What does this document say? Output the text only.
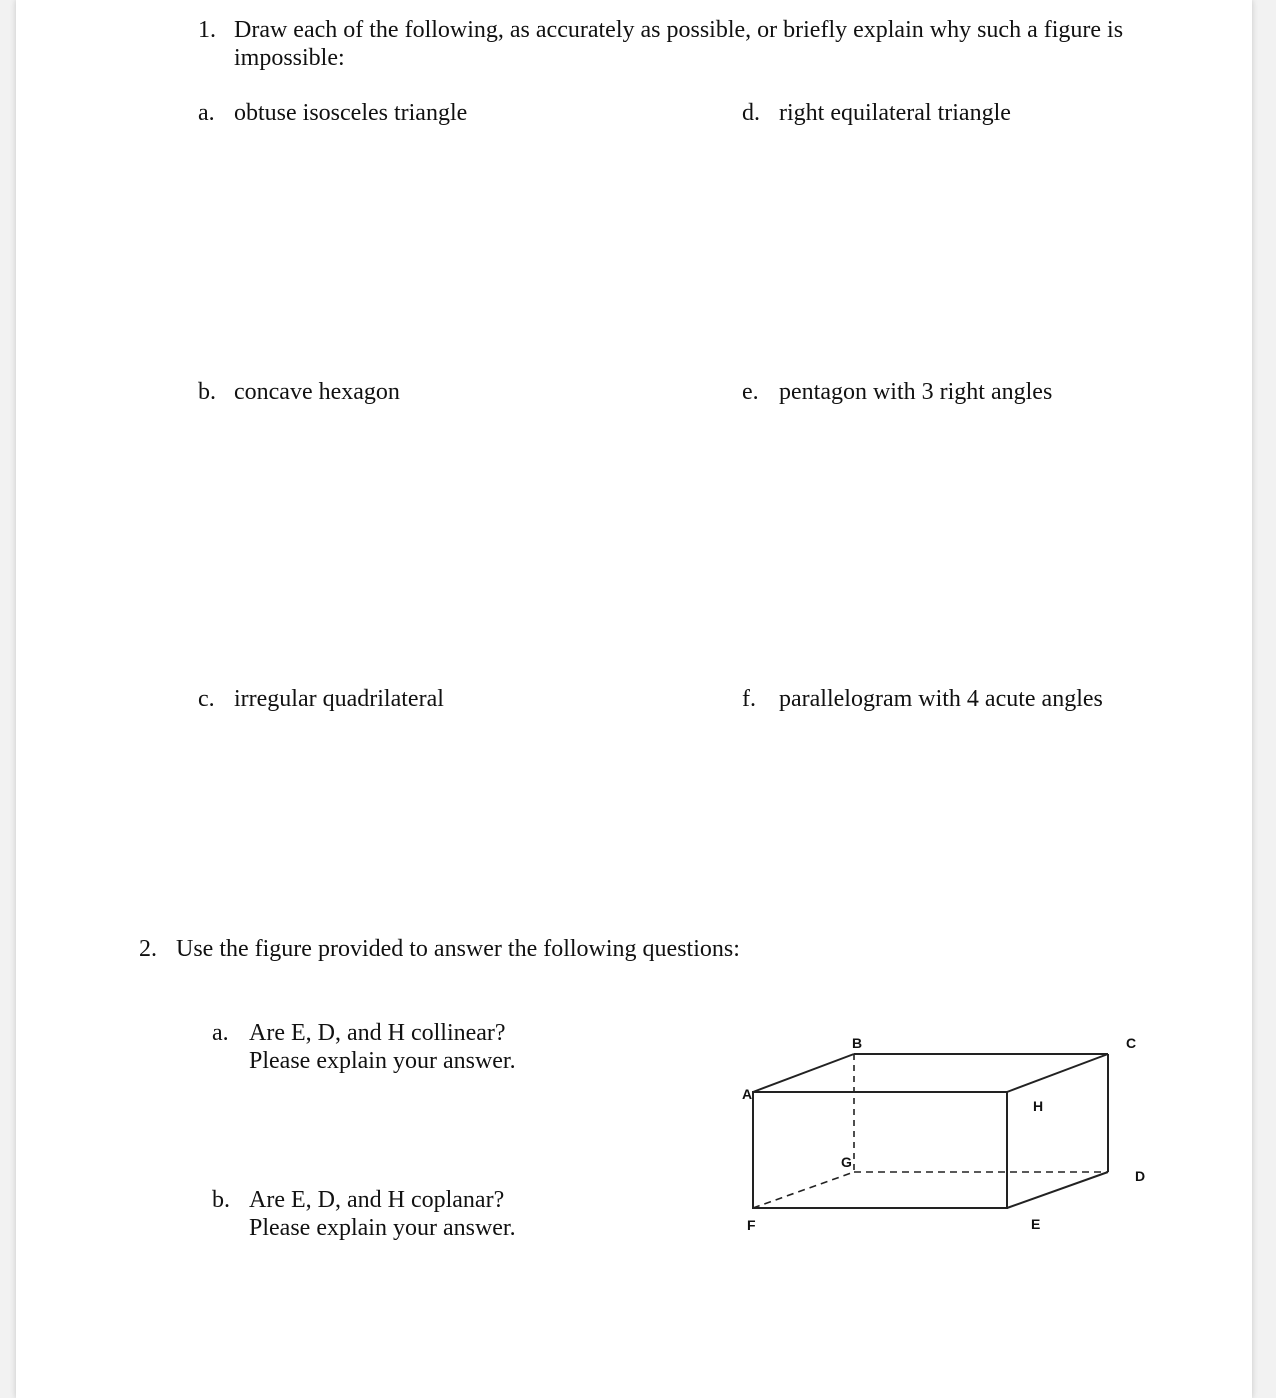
1. Draw each of the following, as accurately as possible, or briefly explain why such a figure is
impossible:
a. obtuse isosceles triangle
b. concave hexagon
c. irregular quadrilateral
d. right equilateral triangle
e. pentagon with 3 right angles
f. parallelogram with 4 acute angles
2. Use the figure provided to answer the following questions:
a. Are E, D, and H collinear?
Please explain your answer.
b. Are E, D, and H coplanar?
Please explain your answer.
B	C
A
H
G
D
F	E
